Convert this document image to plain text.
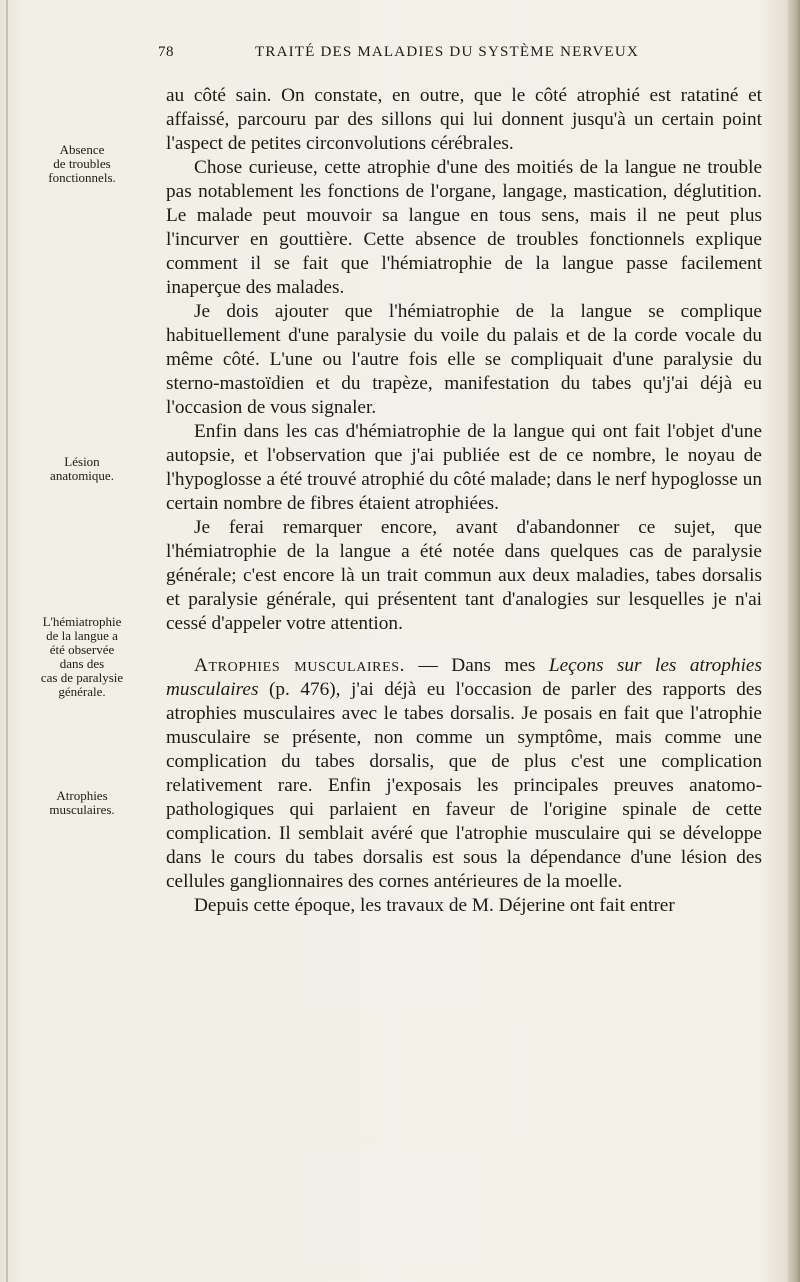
78	TRAITÉ DES MALADIES DU SYSTÈME NERVEUX
Absence
de troubles
fonctionnels.
Lésion
anatomique.
L'hémiatrophie
de la langue a
été observée
dans des
cas de paralysie
générale.
Atrophies
musculaires.

au côté sain. On constate, en outre, que le côté atrophié est ratatiné et affaissé, parcouru par des sillons qui lui donnent jusqu'à un certain point l'aspect de petites circonvolutions cérébrales.

Chose curieuse, cette atrophie d'une des moitiés de la langue ne trouble pas notablement les fonctions de l'organe, langage, mastication, déglutition. Le malade peut mouvoir sa langue en tous sens, mais il ne peut plus l'incurver en gouttière. Cette absence de troubles fonctionnels explique comment il se fait que l'hémiatrophie de la langue passe facilement inaperçue des malades.

Je dois ajouter que l'hémiatrophie de la langue se complique habituellement d'une paralysie du voile du palais et de la corde vocale du même côté. L'une ou l'autre fois elle se compliquait d'une paralysie du sterno-mastoïdien et du trapèze, manifestation du tabes qu'j'ai déjà eu l'occasion de vous signaler.

Enfin dans les cas d'hémiatrophie de la langue qui ont fait l'objet d'une autopsie, et l'observation que j'ai publiée est de ce nombre, le noyau de l'hypoglosse a été trouvé atrophié du côté malade; dans le nerf hypoglosse un certain nombre de fibres étaient atrophiées.

Je ferai remarquer encore, avant d'abandonner ce sujet, que l'hémiatrophie de la langue a été notée dans quelques cas de paralysie générale; c'est encore là un trait commun aux deux maladies, tabes dorsalis et paralysie générale, qui présentent tant d'analogies sur lesquelles je n'ai cessé d'appeler votre attention.

Atrophies musculaires. — Dans mes Leçons sur les atrophies musculaires (p. 476), j'ai déjà eu l'occasion de parler des rapports des atrophies musculaires avec le tabes dorsalis. Je posais en fait que l'atrophie musculaire se présente, non comme un symptôme, mais comme une complication du tabes dorsalis, que de plus c'est une complication relativement rare. Enfin j'exposais les principales preuves anatomo-pathologiques qui parlaient en faveur de l'origine spinale de cette complication. Il semblait avéré que l'atrophie musculaire qui se développe dans le cours du tabes dorsalis est sous la dépendance d'une lésion des cellules ganglionnaires des cornes antérieures de la moelle.

Depuis cette époque, les travaux de M. Déjerine ont fait entrer
